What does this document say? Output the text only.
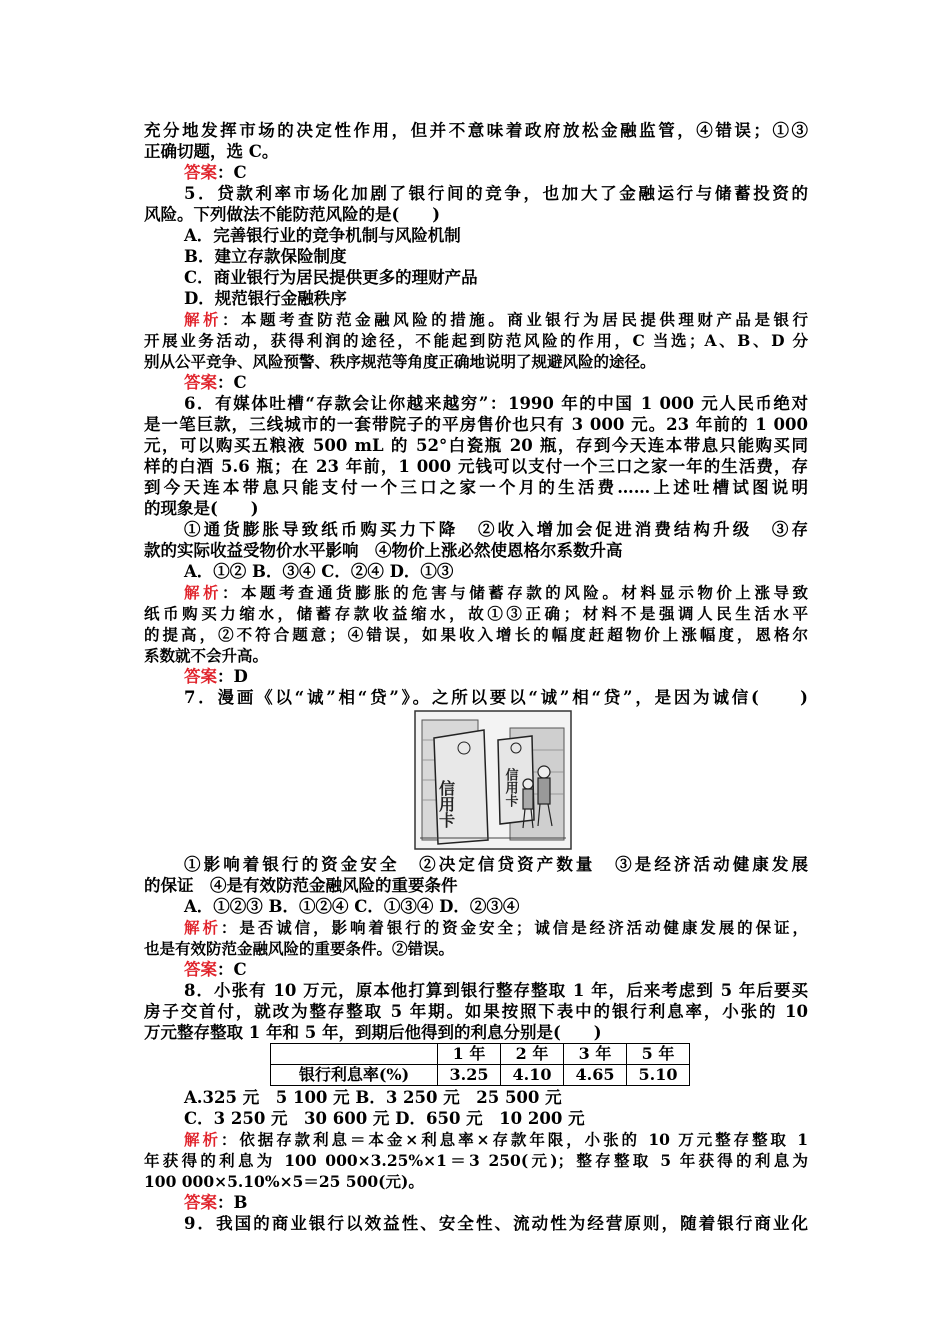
充分地发挥市场的决定性作用，但并不意味着政府放松金融监管，④错误；①③
正确切题，选 C。
答案：C
5．贷款利率市场化加剧了银行间的竞争，也加大了金融运行与储蓄投资的
风险。下列做法不能防范风险的是(　　)
A．完善银行业的竞争机制与风险机制
B．建立存款保险制度
C．商业银行为居民提供更多的理财产品
D．规范银行金融秩序
解析：本题考查防范金融风险的措施。商业银行为居民提供理财产品是银行
开展业务活动，获得利润的途径，不能起到防范风险的作用，C 当选；A、B、D 分
别从公平竞争、风险预警、秩序规范等角度正确地说明了规避风险的途径。
答案：C
6．有媒体吐槽“存款会让你越来越穷”：1990 年的中国 1 000 元人民币绝对
是一笔巨款，三线城市的一套带院子的平房售价也只有 3 000 元。23 年前的 1 000
元，可以购买五粮液 500 mL 的 52°白瓷瓶 20 瓶，存到今天连本带息只能购买同
样的白酒 5.6 瓶；在 23 年前，1 000 元钱可以支付一个三口之家一年的生活费，存
到今天连本带息只能支付一个三口之家一个月的生活费……上述吐槽试图说明
的现象是(　　)
①通货膨胀导致纸币购买力下降　②收入增加会促进消费结构升级　③存
款的实际收益受物价水平影响　④物价上涨必然使恩格尔系数升高
A．①② B．③④ C．②④ D．①③
解析：本题考查通货膨胀的危害与储蓄存款的风险。材料显示物价上涨导致
纸币购买力缩水，储蓄存款收益缩水，故①③正确；材料不是强调人民生活水平
的提高，②不符合题意；④错误，如果收入增长的幅度赶超物价上涨幅度，恩格尔
系数就不会升高。
答案：D
7．漫画《以“诚”相“贷”》。之所以要以“诚”相“贷”，是因为诚信(　　)
信用卡	信用卡
①影响着银行的资金安全　②决定信贷资产数量　③是经济活动健康发展
的保证　④是有效防范金融风险的重要条件
A．①②③ B．①②④ C．①③④ D．②③④
解析：是否诚信，影响着银行的资金安全；诚信是经济活动健康发展的保证，
也是有效防范金融风险的重要条件。②错误。
答案：C
8．小张有 10 万元，原本他打算到银行整存整取 1 年，后来考虑到 5 年后要买
房子交首付，就改为整存整取 5 年期。如果按照下表中的银行利息率，小张的 10
万元整存整取 1 年和 5 年，到期后他得到的利息分别是(　　)
	1 年	2 年	3 年	5 年
银行利息率(%)	3.25	4.10	4.65	5.10
A.325 元　5 100 元 B．3 250 元　25 500 元
C．3 250 元　30 600 元 D．650 元　10 200 元
解析：依据存款利息＝本金×利息率×存款年限，小张的 10 万元整存整取 1
年获得的利息为 100 000×3.25%×1＝3 250(元)；整存整取 5 年获得的利息为
100 000×5.10%×5＝25 500(元)。
答案：B
9．我国的商业银行以效益性、安全性、流动性为经营原则，随着银行商业化
